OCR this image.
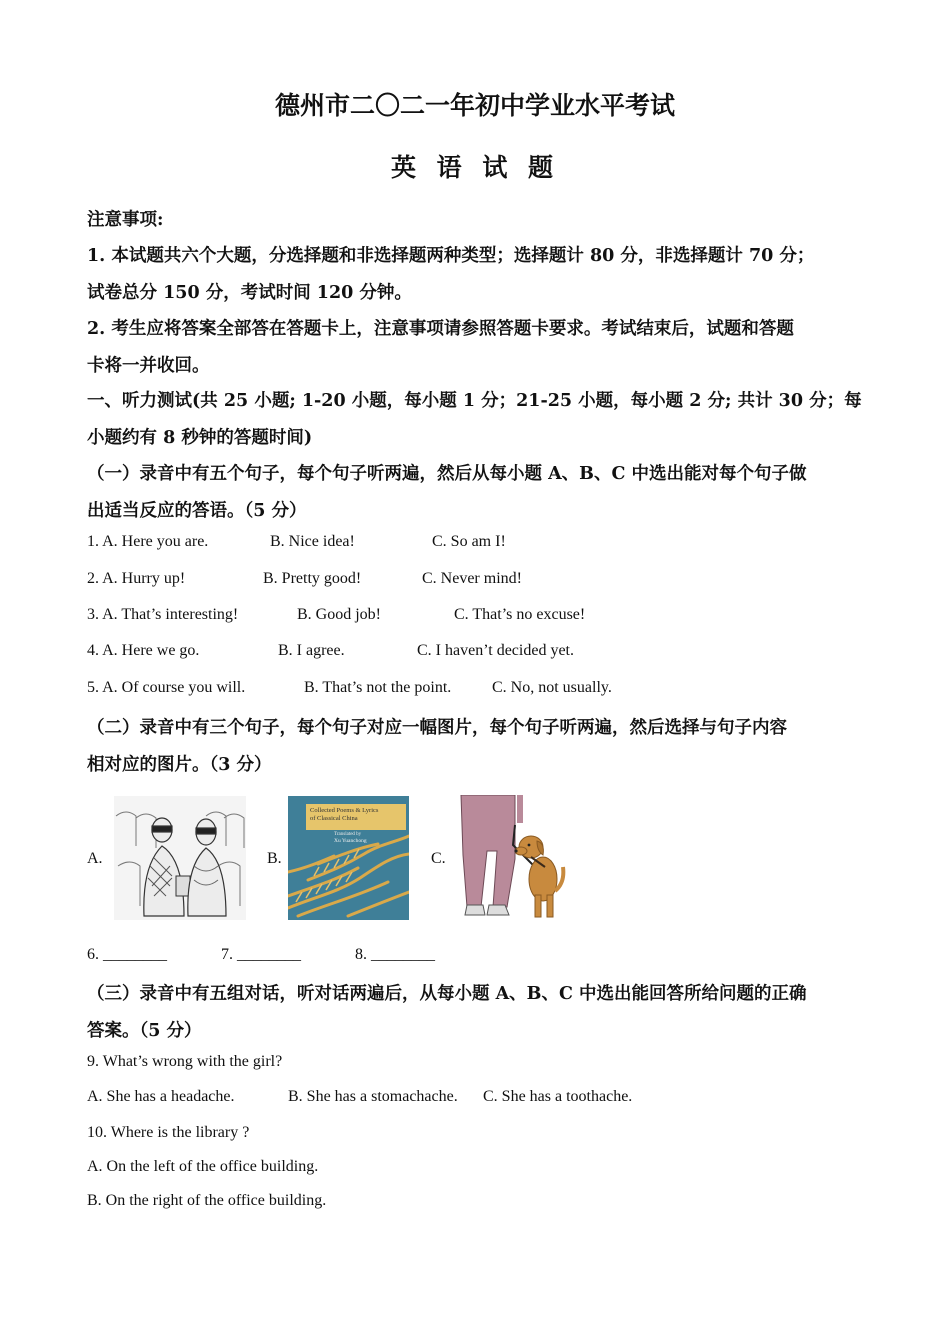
德州市二〇二一年初中学业水平考试
英 语 试 题
注意事项:
1. 本试题共六个大题，分选择题和非选择题两种类型；选择题计 80 分，非选择题计 70 分；
试卷总分 150 分，考试时间 120 分钟。
2. 考生应将答案全部答在答题卡上，注意事项请参照答题卡要求。考试结束后，试题和答题
卡将一并收回。
一、听力测试(共 25 小题; 1-20 小题，每小题 1 分；21-25 小题，每小题 2 分; 共计 30 分；每
小题约有 8 秒钟的答题时间)
（一）录音中有五个句子，每个句子听两遍，然后从每小题 A、B、C 中选出能对每个句子做
出适当反应的答语。（5 分）
1. A. Here you are.	B. Nice idea!	C. So am I!
2. A. Hurry up!	B. Pretty good!	C. Never mind!
3. A. That’s interesting!	B. Good job!	C. That’s no excuse!
4. A. Here we go.	B. I agree.	C. I haven’t decided yet.
5. A. Of course you will.	B. That’s not the point.	C. No, not usually.
（二）录音中有三个句子，每个句子对应一幅图片，每个句子听两遍，然后选择与句子内容
相对应的图片。（3 分）
A.	B.	C.
Collected Poems & Lyrics
of Classical China
Translated by
Xu Yuanchong
6. ________	7. ________	8. ________
（三）录音中有五组对话，听对话两遍后，从每小题 A、B、C 中选出能回答所给问题的正确
答案。（5 分）
9. What’s wrong with the girl?
A. She has a headache.	B. She has a stomachache. C. She has a toothache.
10. Where is the library ?
A. On the left of the office building.
B. On the right of the office building.
